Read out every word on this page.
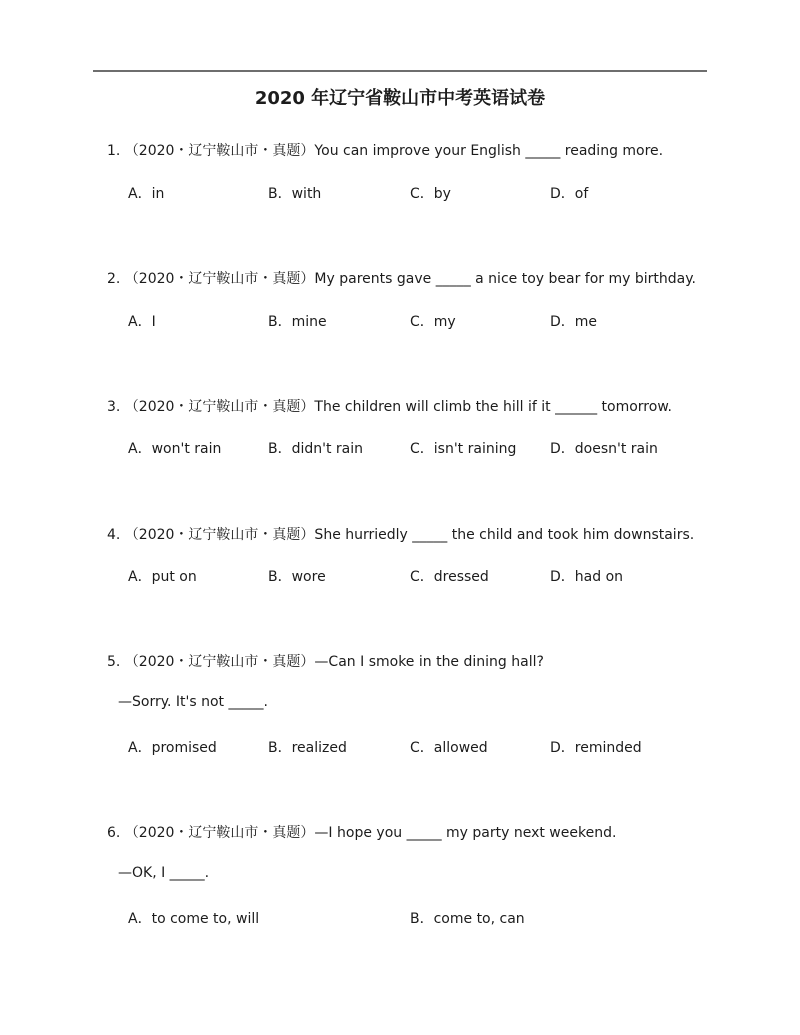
2020 年辽宁省鞍山市中考英语试卷
1. （2020・辽宁鞍山市・真题）You can improve your English _____ reading more.
A．in	B．with	C．by	D．of
2. （2020・辽宁鞍山市・真题）My parents gave _____ a nice toy bear for my birthday.
A．I	B．mine	C．my	D．me
3. （2020・辽宁鞍山市・真题）The children will climb the hill if it ______ tomorrow.
A．won't rain	B．didn't rain	C．isn't raining D．doesn't rain
4. （2020・辽宁鞍山市・真题）She hurriedly _____ the child and took him downstairs.
A．put on	B．wore	C．dressed	D．had on
5. （2020・辽宁鞍山市・真题）—Can I smoke in the dining hall?
—Sorry. It's not _____.
A．promised	B．realized	C．allowed	D．reminded
6. （2020・辽宁鞍山市・真题）—I hope you _____ my party next weekend.
—OK, I _____.
A．to come to, will	B．come to, can
